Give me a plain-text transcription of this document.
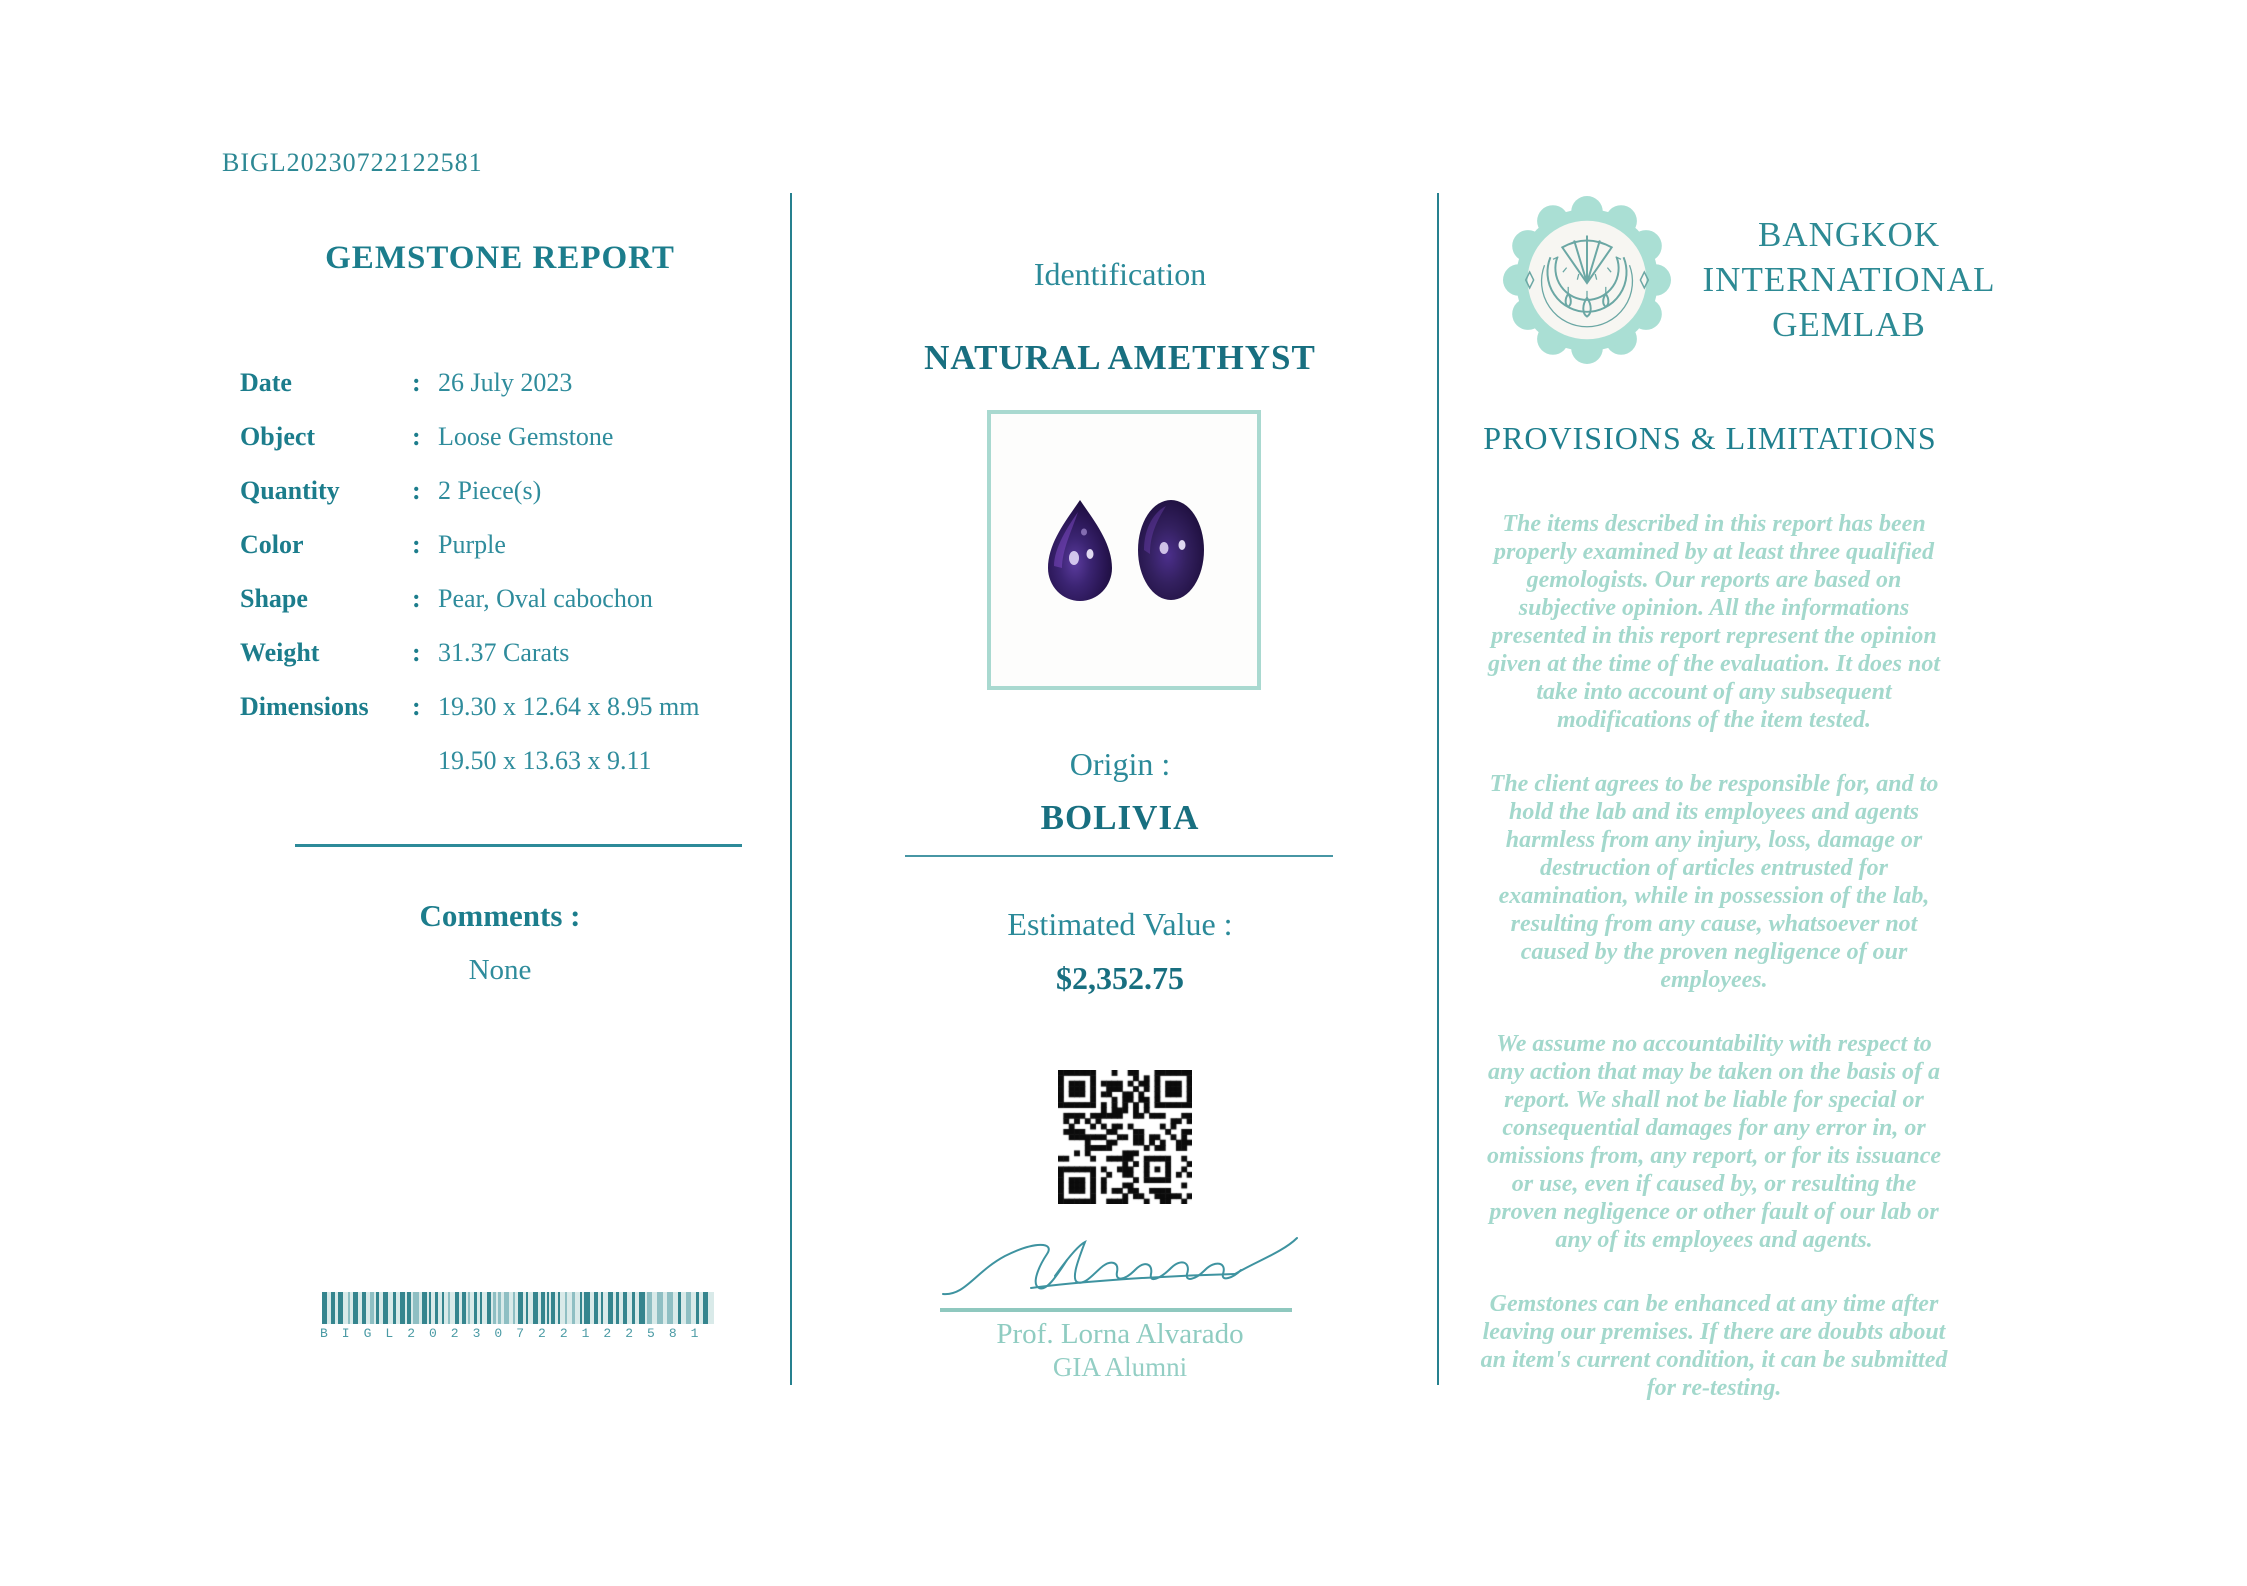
BIGL20230722122581
GEMSTONE REPORT
Date	: 26 July 2023
Object	: Loose Gemstone
Quantity	: 2 Piece(s)
Color	: Purple
Shape	: Pear, Oval cabochon
Weight	: 31.37 Carats
Dimensions	: 19.30 x 12.64 x 8.95 mm
19.50 x 13.63 x 9.11
Comments :
None
BIGL20230722122581
Identification
NATURAL AMETHYST
Origin :
BOLIVIA
Estimated Value :
$2,352.75
Prof. Lorna Alvarado
GIA Alumni
BANGKOK
INTERNATIONAL
GEMLAB
PROVISIONS & LIMITATIONS

The items described in this report has been properly examined by at least three qualified gemologists. Our reports are based on subjective opinion. All the informations presented in this report represent the opinion given at the time of the evaluation. It does not take into account of any subsequent modifications of the item tested.

The client agrees to be responsible for, and to hold the lab and its employees and agents harmless from any injury, loss, damage or destruction of articles entrusted for examination, while in possession of the lab, resulting from any cause, whatsoever not caused by the proven negligence of our employees.

We assume no accountability with respect to any action that may be taken on the basis of a report. We shall not be liable for special or consequential damages for any error in, or omissions from, any report, or for its issuance or use, even if caused by, or resulting the proven negligence or other fault of our lab or any of its employees and agents.

Gemstones can be enhanced at any time after leaving our premises. If there are doubts about an item's current condition, it can be submitted for re-testing.
